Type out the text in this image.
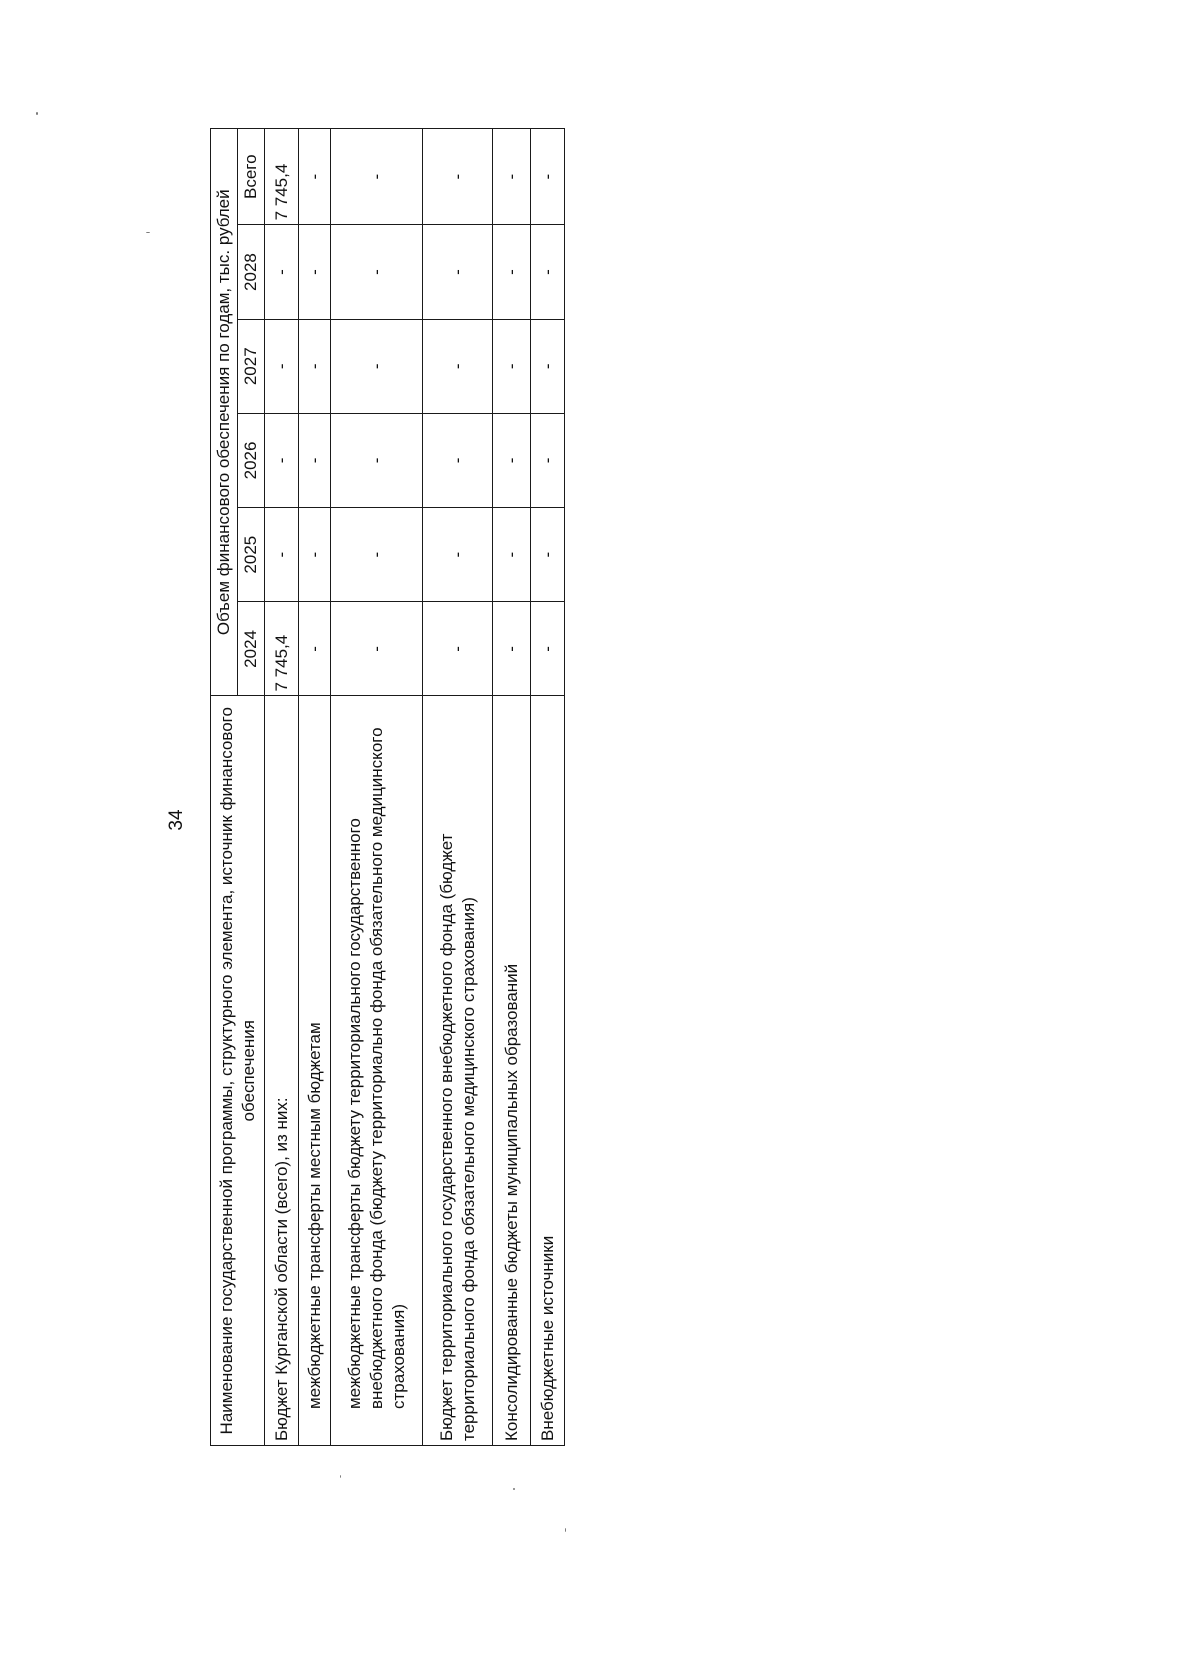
34 Наименование государственной программы, структурного элемента, источник финансового обеспечения	Объем финансового обеспечения по годам, тыс. рублей					
	2024	2025	2026	2027	2028	Всего
Бюджет Курганской области (всего), из них:	7 745,4	-	-	-	-	7 745,4
межбюджетные трансферты местным бюджетам	-	-	-	-	-	-
межбюджетные трансферты бюджету территориального государственного внебюджетного фонда (бюджету территориально фонда обязательного медицинского страхования)	-	-	-	-	-	-
Бюджет территориального государственного внебюджетного фонда (бюджет территориального фонда обязательного медицинского страхования)	-	-	-	-	-	-
Консолидированные бюджеты муниципальных образований	-	-	-	-	-	-
Внебюджетные источники	-	-	-	-	-	-
